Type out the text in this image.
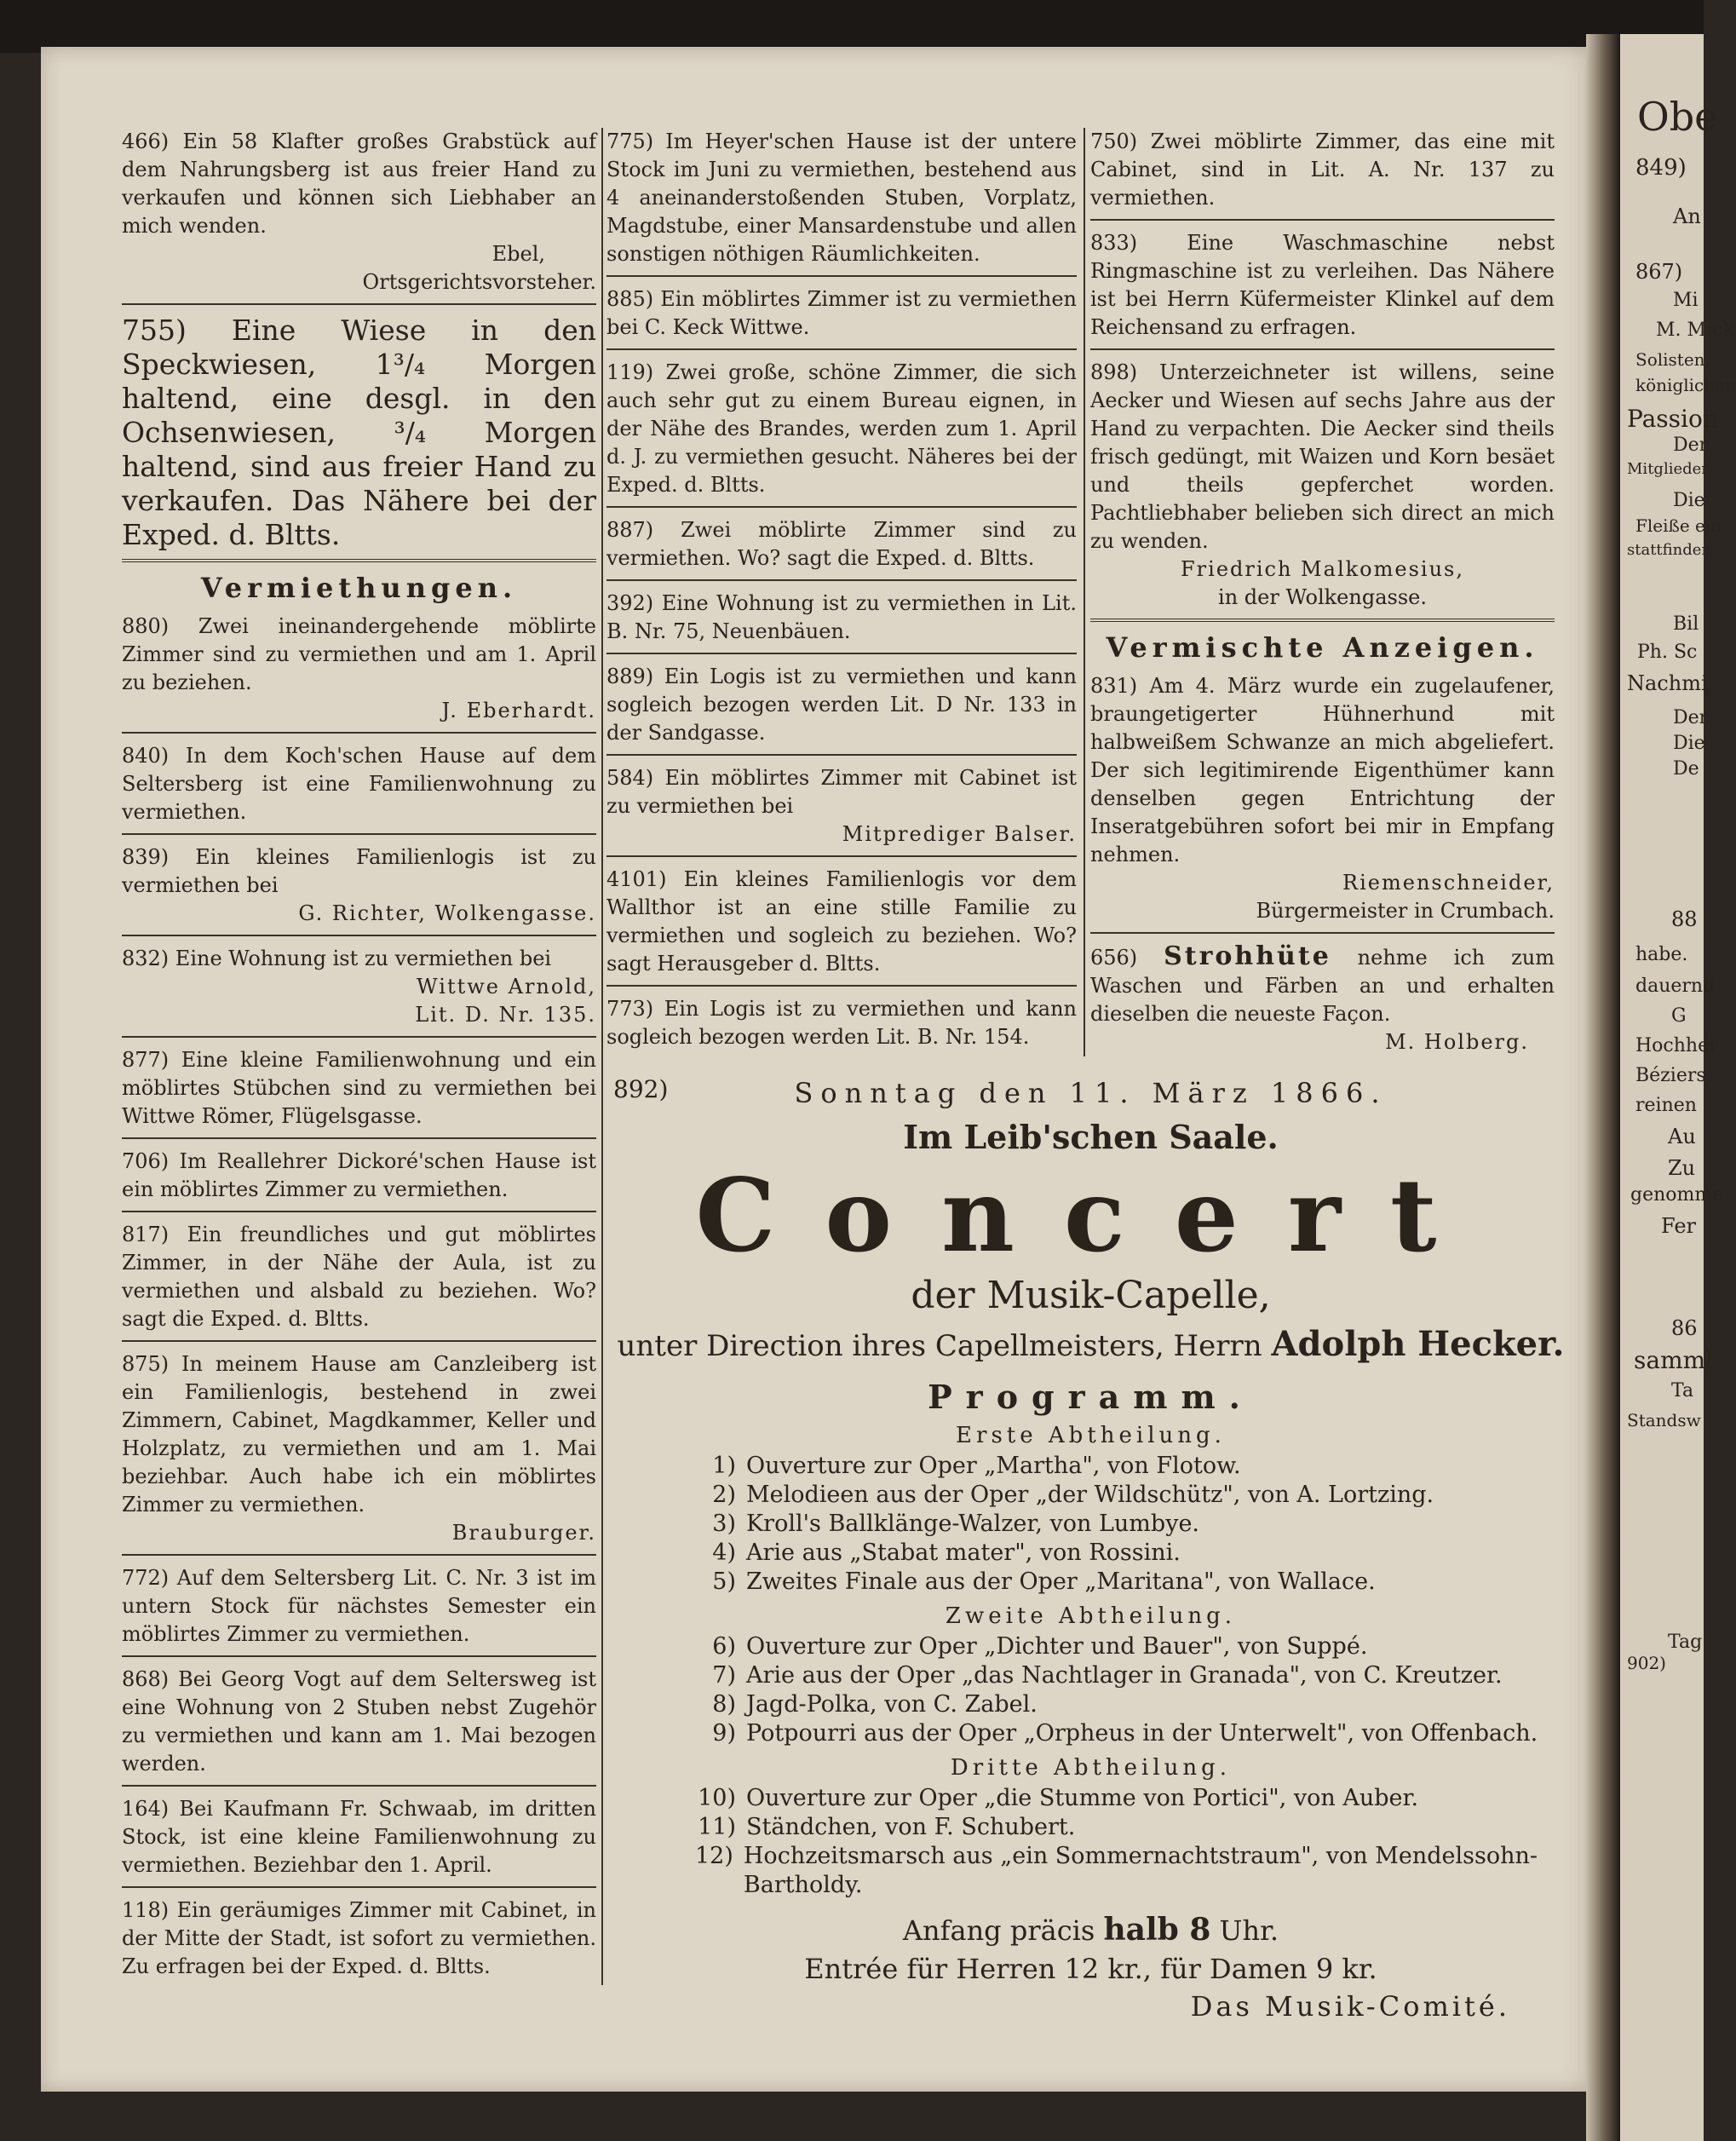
466) Ein 58 Klafter großes Grabstück auf dem Nahrungsberg ist aus freier Hand zu verkaufen und können sich Liebhaber an mich wenden.

Ebel,

Ortsgerichtsvorsteher.

755) Eine Wiese in den Speckwiesen, 1³/₄ Morgen haltend, eine desgl. in den Ochsenwiesen, ³/₄ Morgen haltend, sind aus freier Hand zu verkaufen. Das Nähere bei der Exped. d. Bltts.

Vermiethungen.

880) Zwei ineinandergehende möblirte Zimmer sind zu vermiethen und am 1. April zu beziehen.

J. Eberhardt.

840) In dem Koch'schen Hause auf dem Seltersberg ist eine Familienwohnung zu vermiethen.

839) Ein kleines Familienlogis ist zu vermiethen bei

G. Richter, Wolkengasse.

832) Eine Wohnung ist zu vermiethen bei

Wittwe Arnold,

Lit. D. Nr. 135.

877) Eine kleine Familienwohnung und ein möblirtes Stübchen sind zu vermiethen bei Wittwe Römer, Flügelsgasse.

706) Im Reallehrer Dickoré'schen Hause ist ein möblirtes Zimmer zu vermiethen.

817) Ein freundliches und gut möblirtes Zimmer, in der Nähe der Aula, ist zu vermiethen und alsbald zu beziehen. Wo? sagt die Exped. d. Bltts.

875) In meinem Hause am Canzleiberg ist ein Familienlogis, bestehend in zwei Zimmern, Cabinet, Magdkammer, Keller und Holzplatz, zu vermiethen und am 1. Mai beziehbar. Auch habe ich ein möblirtes Zimmer zu vermiethen.

Brauburger.

772) Auf dem Seltersberg Lit. C. Nr. 3 ist im untern Stock für nächstes Semester ein möblirtes Zimmer zu vermiethen.

868) Bei Georg Vogt auf dem Seltersweg ist eine Wohnung von 2 Stuben nebst Zugehör zu vermiethen und kann am 1. Mai bezogen werden.

164) Bei Kaufmann Fr. Schwaab, im dritten Stock, ist eine kleine Familienwohnung zu vermiethen. Beziehbar den 1. April.

118) Ein geräumiges Zimmer mit Cabinet, in der Mitte der Stadt, ist sofort zu vermiethen. Zu erfragen bei der Exped. d. Bltts.

775) Im Heyer'schen Hause ist der untere Stock im Juni zu vermiethen, bestehend aus 4 aneinanderstoßenden Stuben, Vorplatz, Magdstube, einer Mansardenstube und allen sonstigen nöthigen Räumlichkeiten.

885) Ein möblirtes Zimmer ist zu vermiethen bei C. Keck Wittwe.

119) Zwei große, schöne Zimmer, die sich auch sehr gut zu einem Bureau eignen, in der Nähe des Brandes, werden zum 1. April d. J. zu vermiethen gesucht. Näheres bei der Exped. d. Bltts.

887) Zwei möblirte Zimmer sind zu vermiethen. Wo? sagt die Exped. d. Bltts.

392) Eine Wohnung ist zu vermiethen in Lit. B. Nr. 75, Neuenbäuen.

889) Ein Logis ist zu vermiethen und kann sogleich bezogen werden Lit. D Nr. 133 in der Sandgasse.

584) Ein möblirtes Zimmer mit Cabinet ist zu vermiethen bei

Mitprediger Balser.

4101) Ein kleines Familienlogis vor dem Wallthor ist an eine stille Familie zu vermiethen und sogleich zu beziehen. Wo? sagt Herausgeber d. Bltts.

773) Ein Logis ist zu vermiethen und kann sogleich bezogen werden Lit. B. Nr. 154.

750) Zwei möblirte Zimmer, das eine mit Cabinet, sind in Lit. A. Nr. 137 zu vermiethen.

833) Eine Waschmaschine nebst Ringmaschine ist zu verleihen. Das Nähere ist bei Herrn Küfermeister Klinkel auf dem Reichensand zu erfragen.

898) Unterzeichneter ist willens, seine Aecker und Wiesen auf sechs Jahre aus der Hand zu verpachten. Die Aecker sind theils frisch gedüngt, mit Waizen und Korn besäet und theils gepferchet worden. Pachtliebhaber belieben sich direct an mich zu wenden.

Friedrich Malkomesius,

in der Wolkengasse.

Vermischte Anzeigen.

831) Am 4. März wurde ein zugelaufener, braungetigerter Hühnerhund mit halbweißem Schwanze an mich abgeliefert. Der sich legitimirende Eigenthümer kann denselben gegen Entrichtung der Inseratgebühren sofort bei mir in Empfang nehmen.

Riemenschneider,

Bürgermeister in Crumbach.

656) Strohhüte nehme ich zum Waschen und Färben an und erhalten dieselben die neueste Façon.

M. Holberg.

892)	Sonntag den 11. März 1866.
Im Leib'schen Saale.
Concert
der Musik-Capelle,
unter Direction ihres Capellmeisters, Herrn Adolph Hecker.
Programm.
Erste Abtheilung.
1) Ouverture zur Oper „Martha", von Flotow.
2) Melodieen aus der Oper „der Wildschütz", von A. Lortzing.
3) Kroll's Ballklänge-Walzer, von Lumbye.
4) Arie aus „Stabat mater", von Rossini.
5) Zweites Finale aus der Oper „Maritana", von Wallace.
Zweite Abtheilung.
6) Ouverture zur Oper „Dichter und Bauer", von Suppé.
7) Arie aus der Oper „das Nachtlager in Granada", von C. Kreutzer.
8) Jagd-Polka, von C. Zabel.
9) Potpourri aus der Oper „Orpheus in der Unterwelt", von Offenbach.
Dritte Abtheilung.
10) Ouverture zur Oper „die Stumme von Portici", von Auber.
11) Ständchen, von F. Schubert.
12) Hochzeitsmarsch aus „ein Sommernachtstraum", von Mendelssohn-Bartholdy.
Anfang präcis halb 8 Uhr.
Entrée für Herren 12 kr., für Damen 9 kr.
Das Musik-Comité.
Obe
849)
An
867)
Mi
M. Mick
Solisten,
königlichen
Passion
Der
Mitglieder
Die
Fleiße ein
stattfinden
Bil
Ph. Sc
Nachmi
Der
Die
De
88
habe.
dauernd
G
Hochhei
Béziers
reinen
Au
Zu
genomme
Fer
86
samml
Ta
Standsw
Tag
902)
